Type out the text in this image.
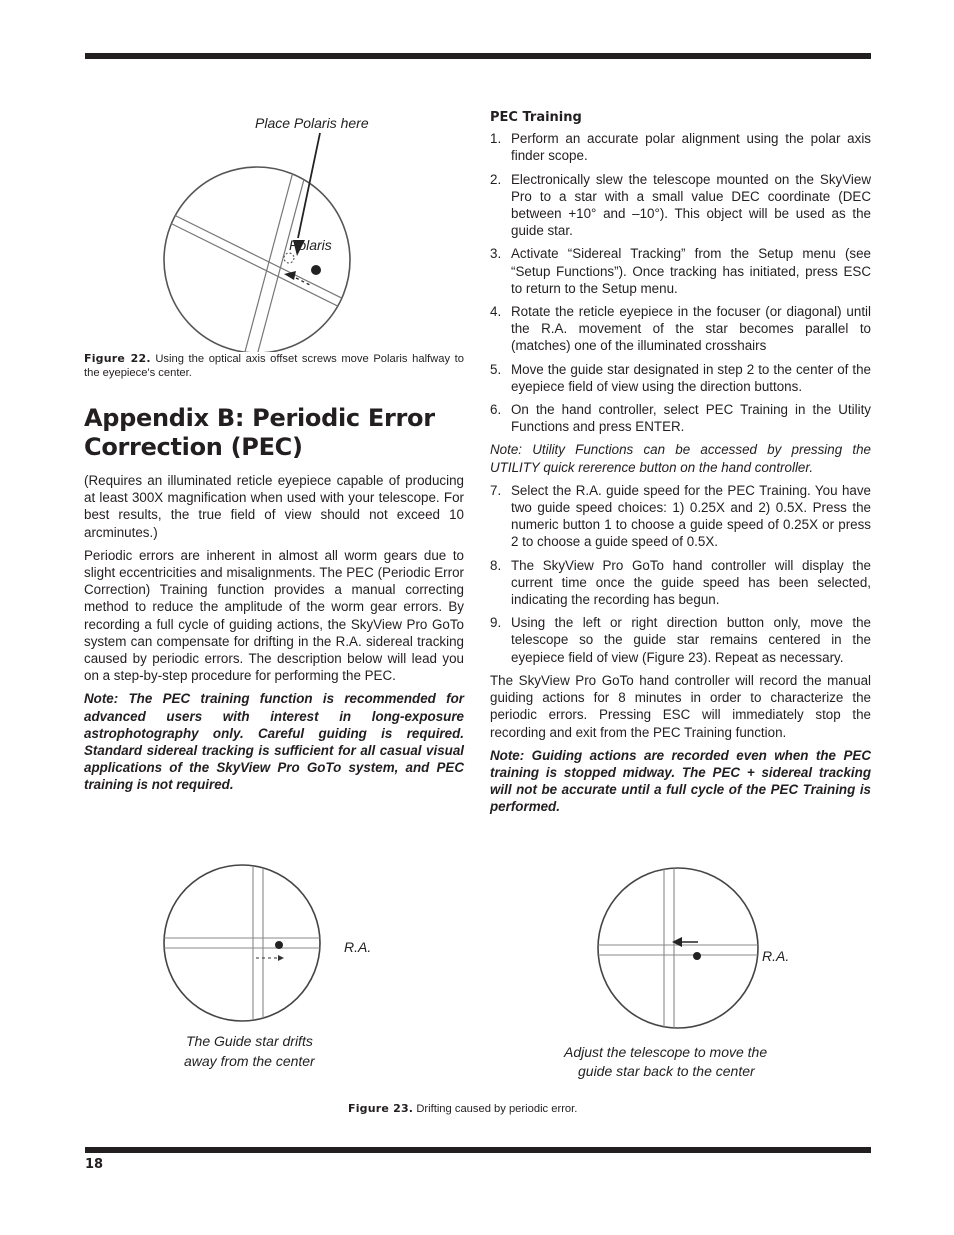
Place Polaris here
Polaris

Figure 22. Using the optical axis offset screws move Polaris halfway to the eyepiece's center.

Appendix B: Periodic Error
Correction (PEC)

(Requires an illuminated reticle eyepiece capable of producing at least 300X magnification when used with your telescope. For best results, the true field of view should not exceed 10 arcminutes.)

Periodic errors are inherent in almost all worm gears due to slight eccentricities and misalignments. The PEC (Periodic Error Correction) Training function provides a manual correcting method to reduce the amplitude of the worm gear errors. By recording a full cycle of guiding actions, the SkyView Pro GoTo system can compensate for drifting in the R.A. sidereal tracking caused by periodic errors. The description below will lead you on a step-by-step procedure for performing the PEC.

Note: The PEC training function is recommended for advanced users with interest in long-exposure astrophotography only. Careful guiding is required. Standard sidereal tracking is sufficient for all casual visual applications of the SkyView Pro GoTo system, and PEC training is not required.

PEC Training
1. Perform an accurate polar alignment using the polar axis finder scope.
2. Electronically slew the telescope mounted on the SkyView Pro to a star with a small value DEC coordinate (DEC between +10° and –10°). This object will be used as the guide star.
3. Activate “Sidereal Tracking” from the Setup menu (see “Setup Functions”). Once tracking has initiated, press ESC to return to the Setup menu.
4. Rotate the reticle eyepiece in the focuser (or diagonal) until the R.A. movement of the star becomes parallel to (matches) one of the illuminated crosshairs
5. Move the guide star designated in step 2 to the center of the eyepiece field of view using the direction buttons.
6. On the hand controller, select PEC Training in the Utility Functions and press ENTER.

Note: Utility Functions can be accessed by pressing the UTILITY quick rererence button on the hand controller.

7. Select the R.A. guide speed for the PEC Training. You have two guide speed choices: 1) 0.25X and 2) 0.5X. Press the numeric button 1 to choose a guide speed of 0.25X or press 2 to choose a guide speed of 0.5X.
8. The SkyView Pro GoTo hand controller will display the current time once the guide speed has been selected, indicating the recording has begun.
9. Using the left or right direction button only, move the telescope so the guide star remains centered in the eyepiece field of view (Figure 23). Repeat as necessary.

The SkyView Pro GoTo hand controller will record the manual guiding actions for 8 minutes in order to characterize the periodic errors. Pressing ESC will immediately stop the recording and exit from the PEC Training function.

Note: Guiding actions are recorded even when the PEC training is stopped midway. The PEC + sidereal tracking will not be accurate until a full cycle of the PEC Training is performed.

R.A.
The Guide star drifts
away from the center
R.A.
Adjust the telescope to move the
guide star back to the center
Figure 23. Drifting caused by periodic error.
18
